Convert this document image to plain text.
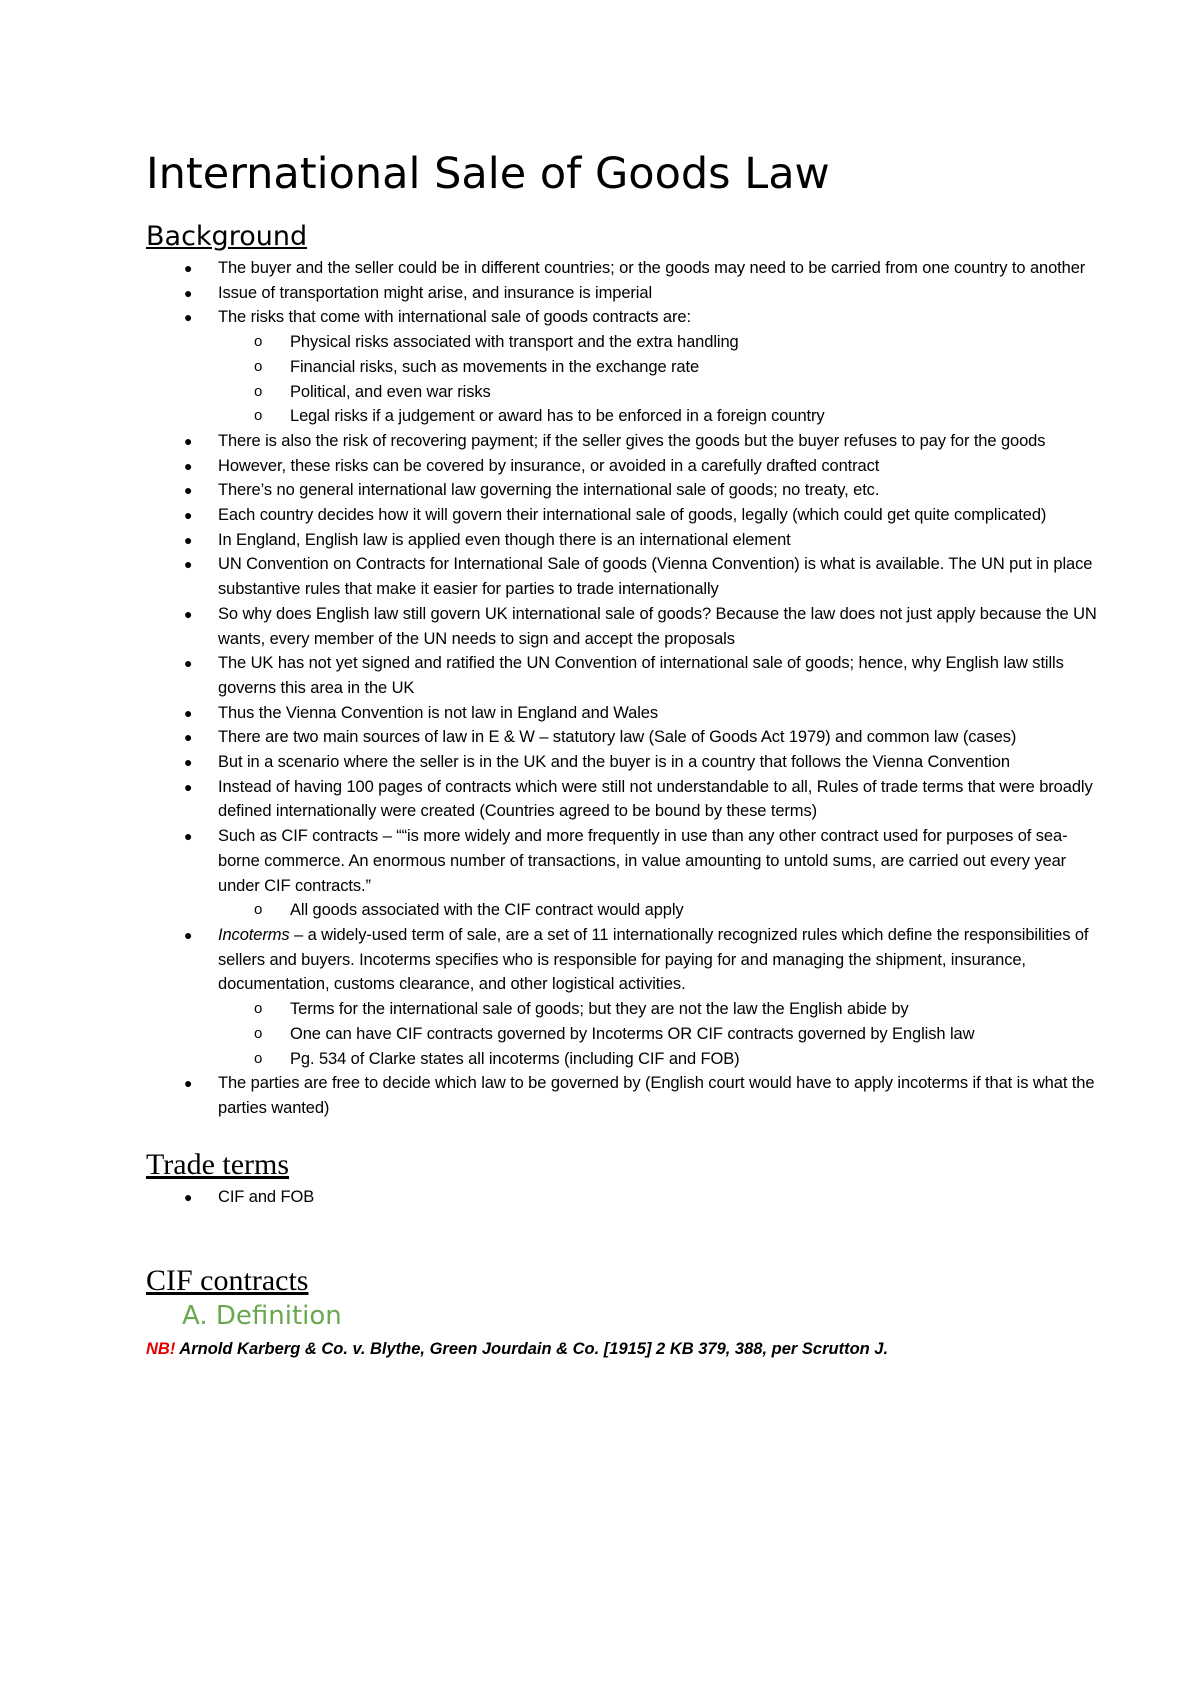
International Sale of Goods Law
Background
● The buyer and the seller could be in different countries; or the goods may need to be carried from one country to another
● Issue of transportation might arise, and insurance is imperial
● The risks that come with international sale of goods contracts are:
o Physical risks associated with transport and the extra handling
o Financial risks, such as movements in the exchange rate
o Political, and even war risks
o Legal risks if a judgement or award has to be enforced in a foreign country
● There is also the risk of recovering payment; if the seller gives the goods but the buyer refuses to pay for the goods
● However, these risks can be covered by insurance, or avoided in a carefully drafted contract
● There’s no general international law governing the international sale of goods; no treaty, etc.
● Each country decides how it will govern their international sale of goods, legally (which could get quite complicated)
● In England, English law is applied even though there is an international element
● UN Convention on Contracts for International Sale of goods (Vienna Convention) is what is available. The UN put in place substantive rules that make it easier for parties to trade internationally
● So why does English law still govern UK international sale of goods? Because the law does not just apply because the UN wants, every member of the UN needs to sign and accept the proposals
● The UK has not yet signed and ratified the UN Convention of international sale of goods; hence, why English law stills governs this area in the UK
● Thus the Vienna Convention is not law in England and Wales
● There are two main sources of law in E & W – statutory law (Sale of Goods Act 1979) and common law (cases)
● But in a scenario where the seller is in the UK and the buyer is in a country that follows the Vienna Convention
● Instead of having 100 pages of contracts which were still not understandable to all, Rules of trade terms that were broadly defined internationally were created (Countries agreed to be bound by these terms)
● Such as CIF contracts – ““is more widely and more frequently in use than any other contract used for purposes of sea-borne commerce. An enormous number of transactions, in value amounting to untold sums, are carried out every year under CIF contracts.”
o All goods associated with the CIF contract would apply
● Incoterms – a widely-used term of sale, are a set of 11 internationally recognized rules which define the responsibilities of sellers and buyers. Incoterms specifies who is responsible for paying for and managing the shipment, insurance, documentation, customs clearance, and other logistical activities.
o Terms for the international sale of goods; but they are not the law the English abide by
o One can have CIF contracts governed by Incoterms OR CIF contracts governed by English law
o Pg. 534 of Clarke states all incoterms (including CIF and FOB)
● The parties are free to decide which law to be governed by (English court would have to apply incoterms if that is what the parties wanted)
Trade terms
● CIF and FOB
CIF contracts
A. Definition

NB! Arnold Karberg & Co. v. Blythe, Green Jourdain & Co. [1915] 2 KB 379, 388, per Scrutton J.
